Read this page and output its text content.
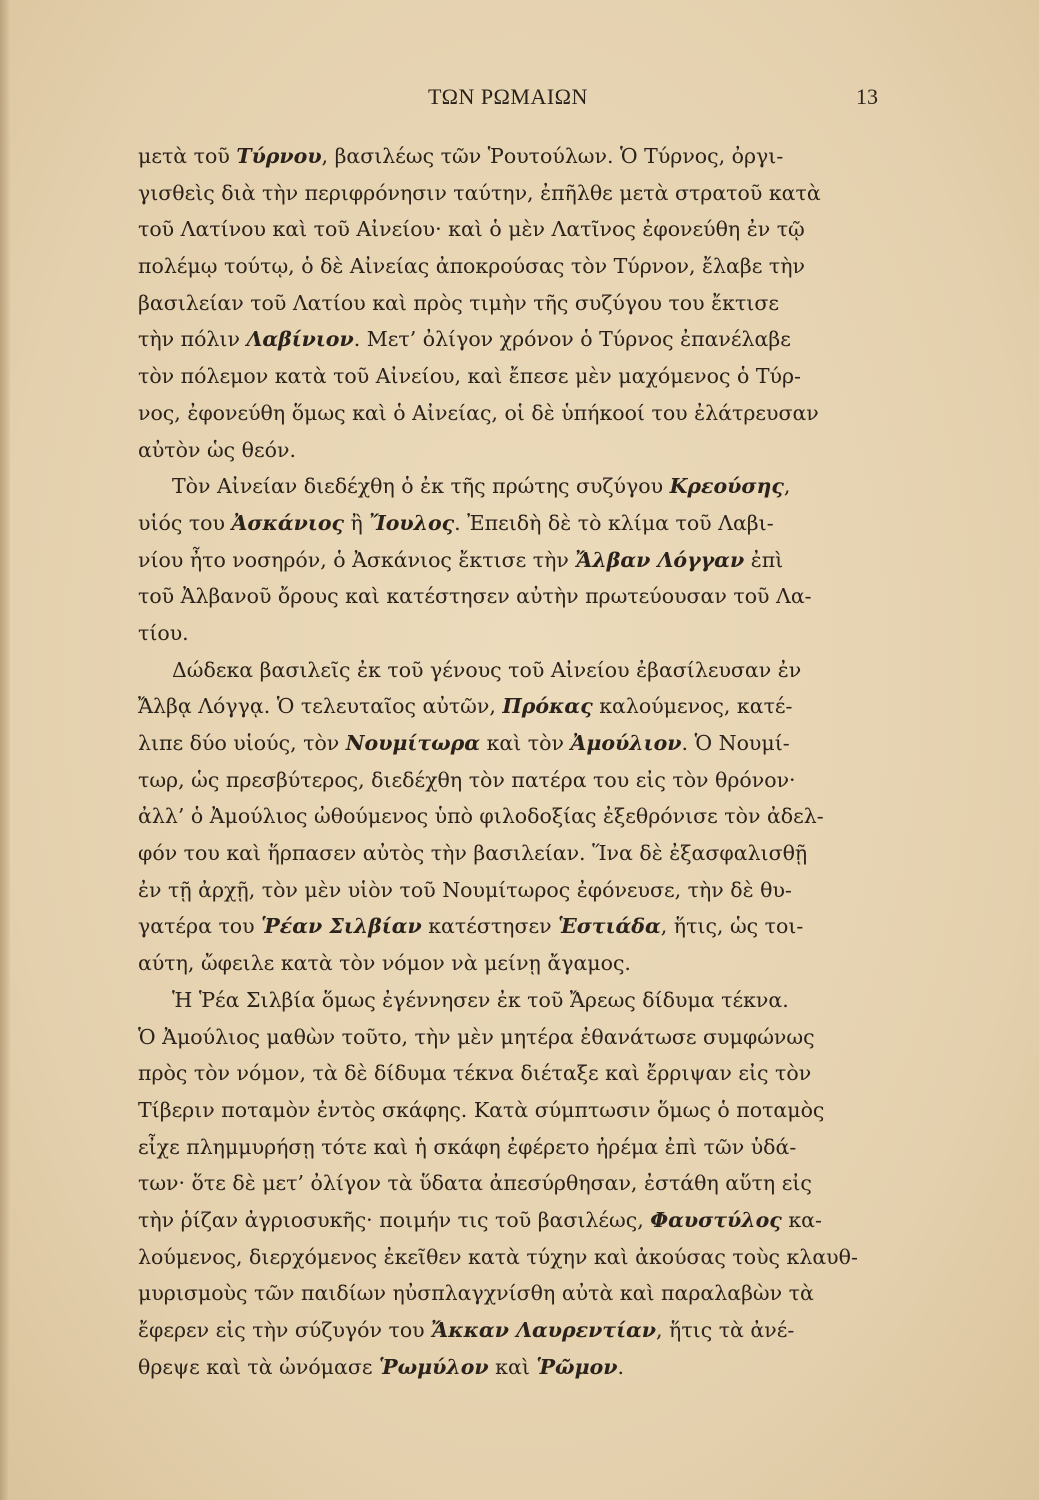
ΤΩΝ ΡΩΜΑΙΩΝ	13
μετὰ τοῦ Τύρνου, βασιλέως τῶν Ῥουτούλων. Ὁ Τύρνος, ὀργι-
γισθεὶς διὰ τὴν περιφρόνησιν ταύτην, ἐπῆλθε μετὰ στρατοῦ κατὰ
τοῦ Λατίνου καὶ τοῦ Αἰνείου· καὶ ὁ μὲν Λατῖνος ἐφονεύθη ἐν τῷ
πολέμῳ τούτῳ, ὁ δὲ Αἰνείας ἀποκρούσας τὸν Τύρνον, ἔλαβε τὴν
βασιλείαν τοῦ Λατίου καὶ πρὸς τιμὴν τῆς συζύγου του ἔκτισε
τὴν πόλιν Λαβίνιον. Μετ’ ὀλίγον χρόνον ὁ Τύρνος ἐπανέλαβε
τὸν πόλεμον κατὰ τοῦ Αἰνείου, καὶ ἔπεσε μὲν μαχόμενος ὁ Τύρ-
νος, ἐφονεύθη ὅμως καὶ ὁ Αἰνείας, οἱ δὲ ὑπήκοοί του ἐλάτρευσαν
αὐτὸν ὡς θεόν.
Τὸν Αἰνείαν διεδέχθη ὁ ἐκ τῆς πρώτης συζύγου Κρεούσης,
υἱός του Ἀσκάνιος ἢ Ἴουλος. Ἐπειδὴ δὲ τὸ κλίμα τοῦ Λαβι-
νίου ἦτο νοσηρόν, ὁ Ἀσκάνιος ἔκτισε τὴν Ἄλβαν Λόγγαν ἐπὶ
τοῦ Ἀλβανοῦ ὄρους καὶ κατέστησεν αὐτὴν πρωτεύουσαν τοῦ Λα-
τίου.
Δώδεκα βασιλεῖς ἐκ τοῦ γένους τοῦ Αἰνείου ἐβασίλευσαν ἐν
Ἄλβᾳ Λόγγᾳ. Ὁ τελευταῖος αὐτῶν, Πρόκας καλούμενος, κατέ-
λιπε δύο υἱούς, τὸν Νουμίτωρα καὶ τὸν Ἀμούλιον. Ὁ Νουμί-
τωρ, ὡς πρεσβύτερος, διεδέχθη τὸν πατέρα του εἰς τὸν θρόνον·
ἀλλ’ ὁ Ἀμούλιος ὠθούμενος ὑπὸ φιλοδοξίας ἐξεθρόνισε τὸν ἀδελ-
φόν του καὶ ἥρπασεν αὐτὸς τὴν βασιλείαν. Ἵνα δὲ ἐξασφαλισθῇ
ἐν τῇ ἀρχῇ, τὸν μὲν υἱὸν τοῦ Νουμίτωρος ἐφόνευσε, τὴν δὲ θυ-
γατέρα του Ῥέαν Σιλβίαν κατέστησεν Ἑστιάδα, ἥτις, ὡς τοι-
αύτη, ὤφειλε κατὰ τὸν νόμον νὰ μείνῃ ἄγαμος.
Ἡ Ῥέα Σιλβία ὅμως ἐγέννησεν ἐκ τοῦ Ἄρεως δίδυμα τέκνα.
Ὁ Ἀμούλιος μαθὼν τοῦτο, τὴν μὲν μητέρα ἐθανάτωσε συμφώνως
πρὸς τὸν νόμον, τὰ δὲ δίδυμα τέκνα διέταξε καὶ ἔρριψαν εἰς τὸν
Τίβεριν ποταμὸν ἐντὸς σκάφης. Κατὰ σύμπτωσιν ὅμως ὁ ποταμὸς
εἶχε πλημμυρήσῃ τότε καὶ ἡ σκάφη ἐφέρετο ἠρέμα ἐπὶ τῶν ὑδά-
των· ὅτε δὲ μετ’ ὀλίγον τὰ ὕδατα ἀπεσύρθησαν, ἐστάθη αὕτη εἰς
τὴν ῥίζαν ἀγριοσυκῆς· ποιμήν τις τοῦ βασιλέως, Φαυστύλος κα-
λούμενος, διερχόμενος ἐκεῖθεν κατὰ τύχην καὶ ἀκούσας τοὺς κλαυθ-
μυρισμοὺς τῶν παιδίων ηὐσπλαγχνίσθη αὐτὰ καὶ παραλαβὼν τὰ
ἔφερεν εἰς τὴν σύζυγόν του Ἄκκαν Λαυρεντίαν, ἥτις τὰ ἀνέ-
θρεψε καὶ τὰ ὠνόμασε Ῥωμύλον καὶ Ῥῶμον.
